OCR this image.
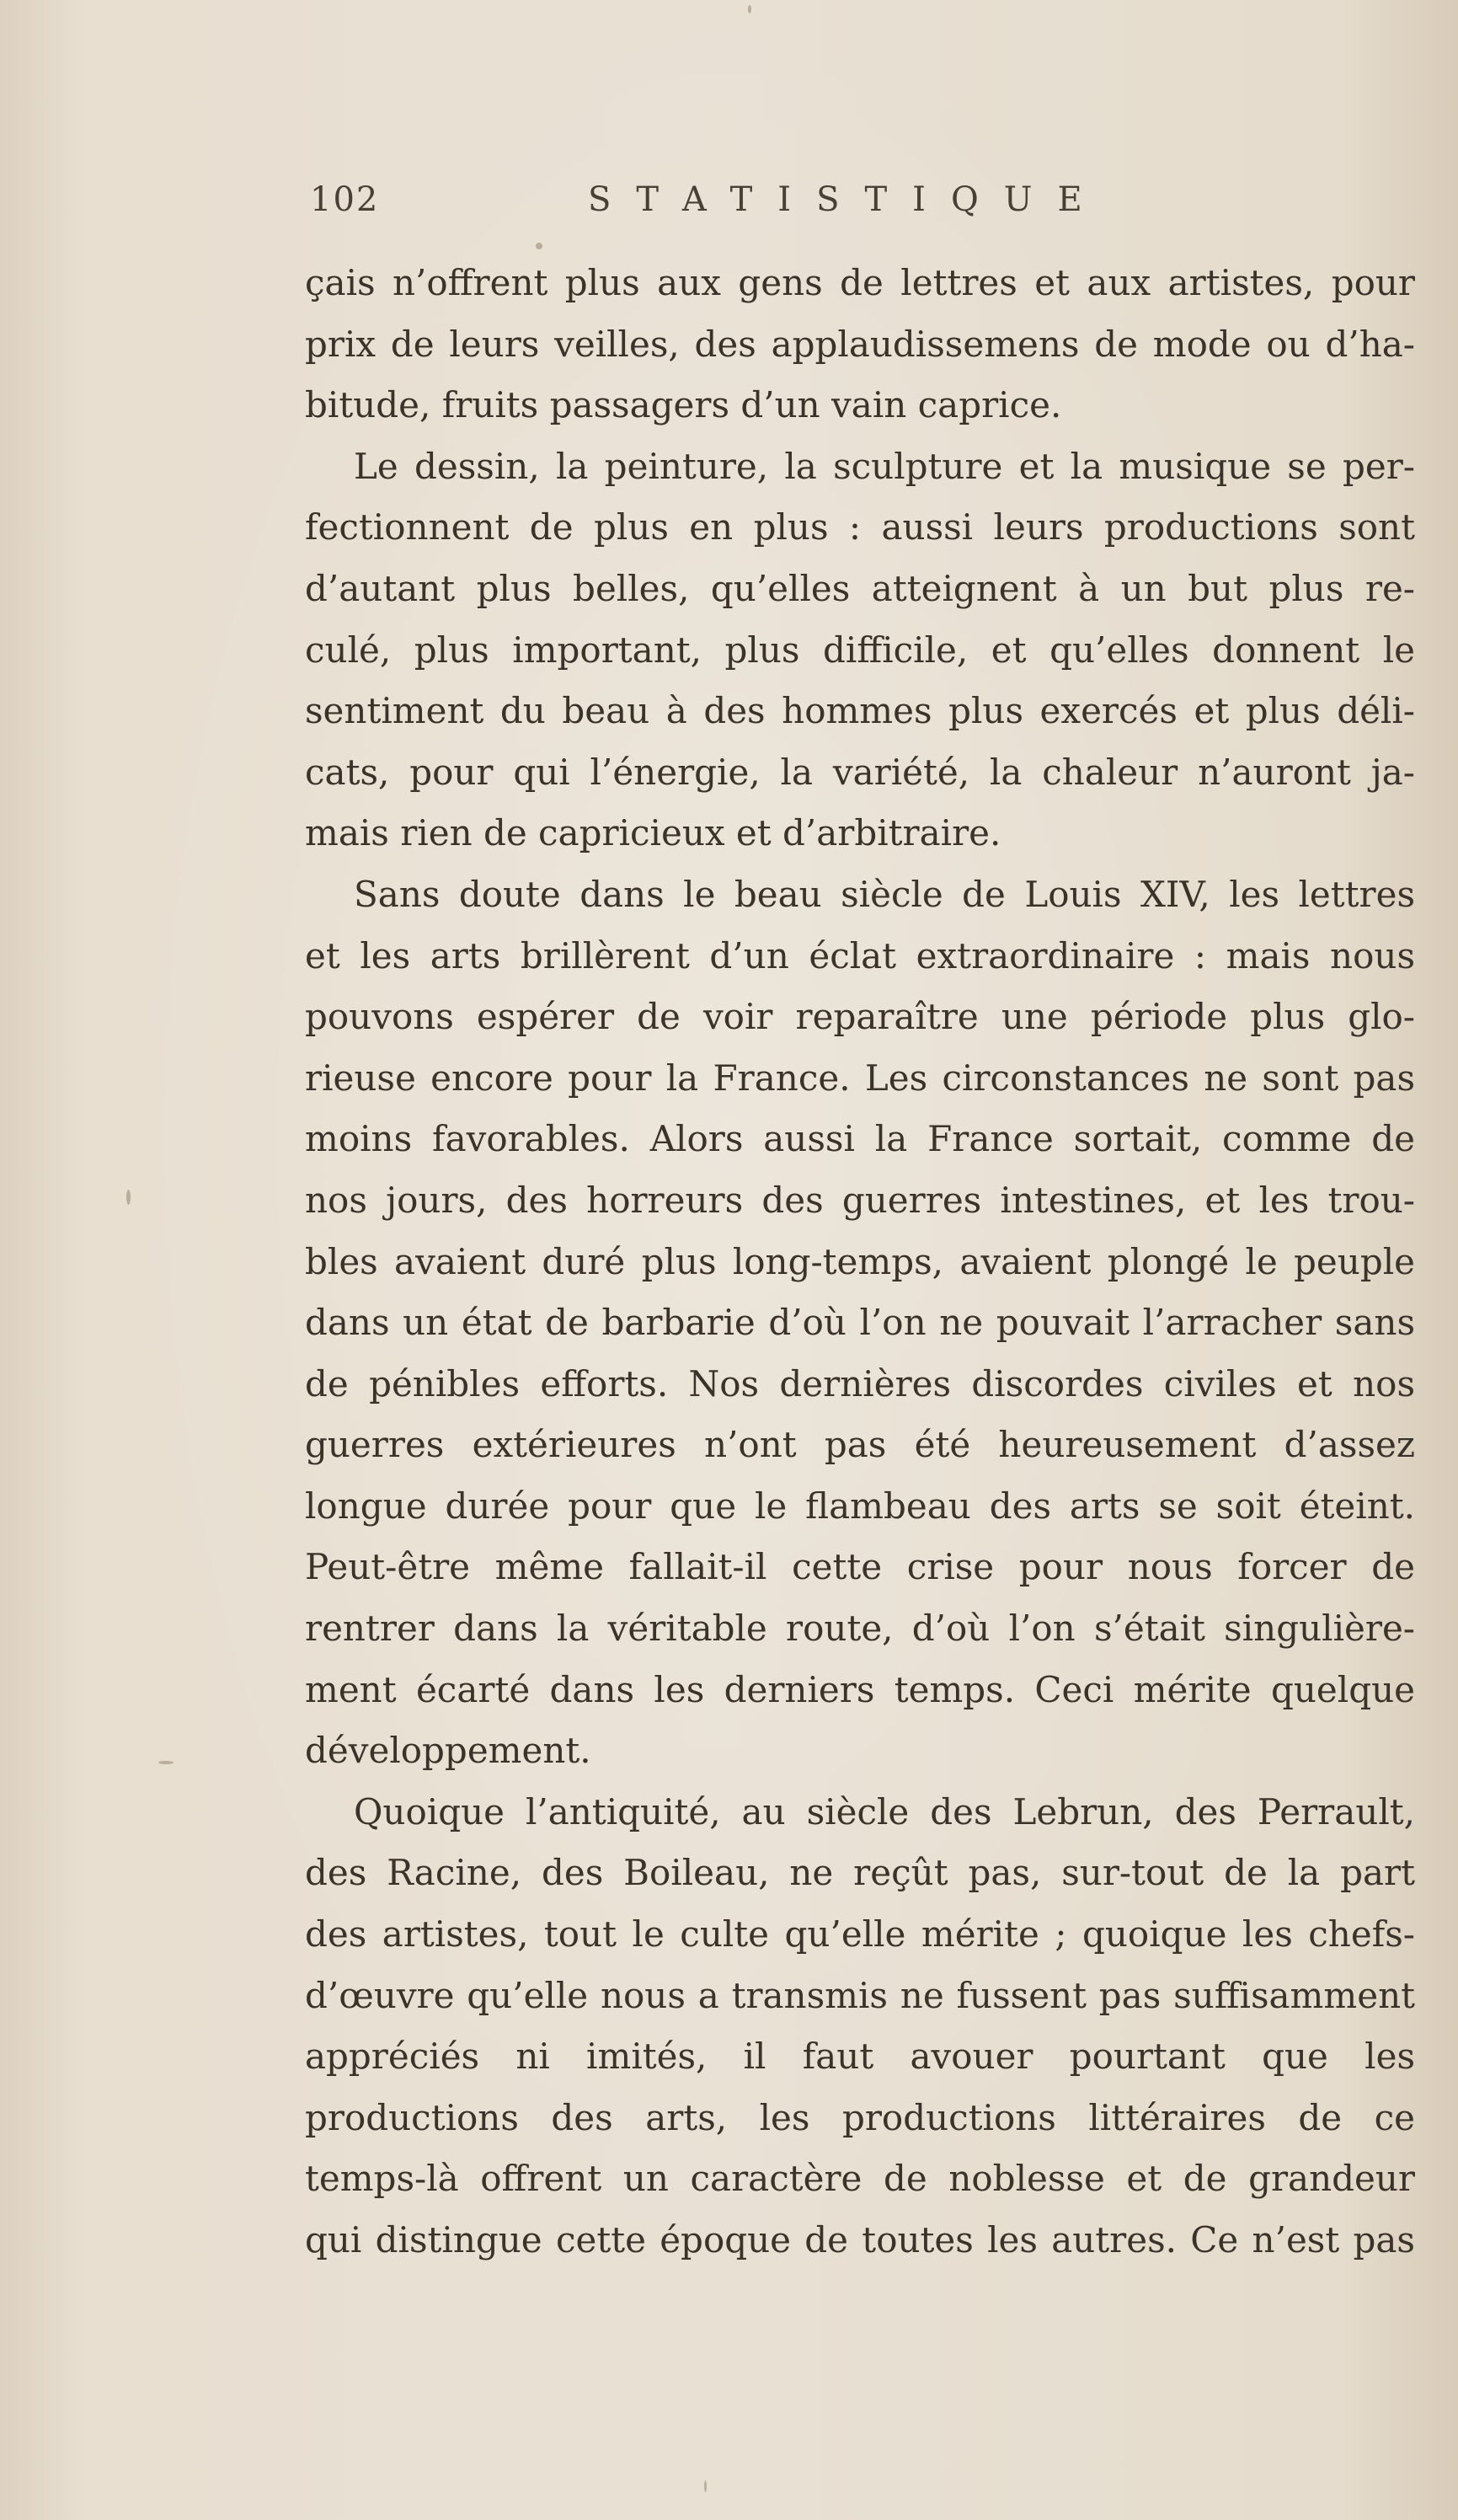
102	STATISTIQUE
çais n’offrent plus aux gens de lettres et aux artistes, pour
prix de leurs veilles, des applaudissemens de mode ou d’ha-
bitude, fruits passagers d’un vain caprice.
Le dessin, la peinture, la sculpture et la musique se per-
fectionnent de plus en plus : aussi leurs productions sont
d’autant plus belles, qu’elles atteignent à un but plus re-
culé, plus important, plus difficile, et qu’elles donnent le
sentiment du beau à des hommes plus exercés et plus déli-
cats, pour qui l’énergie, la variété, la chaleur n’auront ja-
mais rien de capricieux et d’arbitraire.
Sans doute dans le beau siècle de Louis XIV, les lettres
et les arts brillèrent d’un éclat extraordinaire : mais nous
pouvons espérer de voir reparaître une période plus glo-
rieuse encore pour la France. Les circonstances ne sont pas
moins favorables. Alors aussi la France sortait, comme de
nos jours, des horreurs des guerres intestines, et les trou-
bles avaient duré plus long-temps, avaient plongé le peuple
dans un état de barbarie d’où l’on ne pouvait l’arracher sans
de pénibles efforts. Nos dernières discordes civiles et nos
guerres extérieures n’ont pas été heureusement d’assez
longue durée pour que le flambeau des arts se soit éteint.
Peut-être même fallait-il cette crise pour nous forcer de
rentrer dans la véritable route, d’où l’on s’était singulière-
ment écarté dans les derniers temps. Ceci mérite quelque
développement.
Quoique l’antiquité, au siècle des Lebrun, des Perrault,
des Racine, des Boileau, ne reçût pas, sur-tout de la part
des artistes, tout le culte qu’elle mérite ; quoique les chefs-
d’œuvre qu’elle nous a transmis ne fussent pas suffisamment
appréciés ni imités, il faut avouer pourtant que les
productions des arts, les productions littéraires de ce
temps-là offrent un caractère de noblesse et de grandeur
qui distingue cette époque de toutes les autres. Ce n’est pas
